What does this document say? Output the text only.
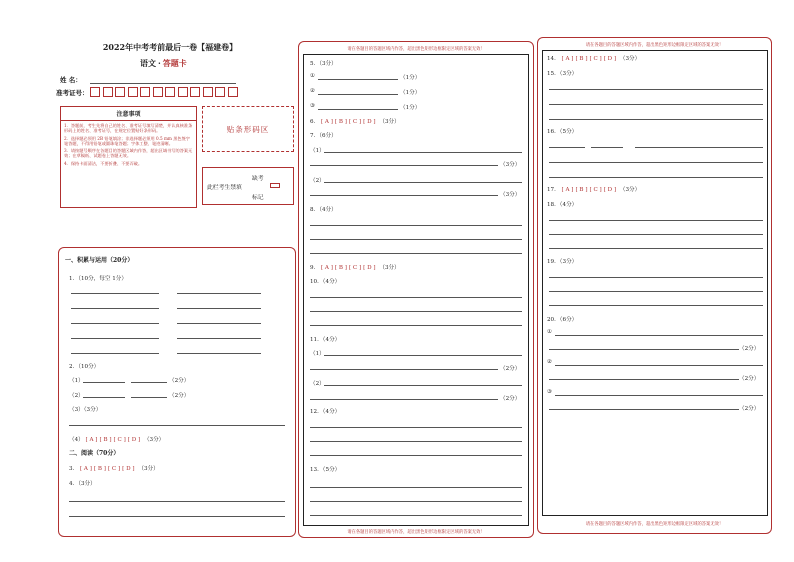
2022年中考考前最后一卷【福建卷】
语文 · 答题卡
姓 名：
准考证号：
注意事项
1．答题前，考生先将自己的姓名、准考证号填写清楚，并认真核准条形码上的姓名、准考证号，在规定位置贴好条形码。
2．选择题必须用 2B 铅笔填涂；非选择题必须用 0.5 mm 黑色签字笔答题，不得用铅笔或圆珠笔答题；字体工整、笔迹清晰。
3．请按题号顺序在各题目的答题区域内作答，超出区域书写的答案无效；在草稿纸、试题卷上答题无效。
4．保持卡面清洁，不要折叠、不要弄破。
贴条形码区
缺考
此栏考生禁填
标记
一、积累与运用（20分）
1．（10分，每空 1分）
2．（10分）
（1）	（2分）
（2）	（2分）
（3）（3分）
（4） [ A ] [ B ] [ C ] [ D ] （3分）
二、阅读（70分）
3． [ A ] [ B ] [ C ] [ D ] （3分）
4．（3分）
请在各题目的答题区域内作答，超出黑色矩形边框限定区域的答案无效！
5．（3分）
①	（1分）
②	（1分）
③	（1分）
6． [ A ] [ B ] [ C ] [ D ] （3分）
7．（6分）
（1）
（3分）
（2）
（3分）
8．（4分）
9． [ A ] [ B ] [ C ] [ D ] （3分）
10．（4分）
11．（4分）
（1）
（2分）
（2）
（2分）
12．（4分）
13．（5分）
请在各题目的答题区域内作答，超出黑色矩形边框限定区域的答案无效！
请在各题目的答题区域内作答，超出黑色矩形边框限定区域的答案无效！
14． [ A ] [ B ] [ C ] [ D ] （3分）
15．（3分）
16．（5分）
17． [ A ] [ B ] [ C ] [ D ] （3分）
18．（4分）
19．（3分）
20．（6分）
①
（2分）
②
（2分）
③
（2分）
请在各题目的答题区域内作答，超出黑色矩形边框限定区域的答案无效！
